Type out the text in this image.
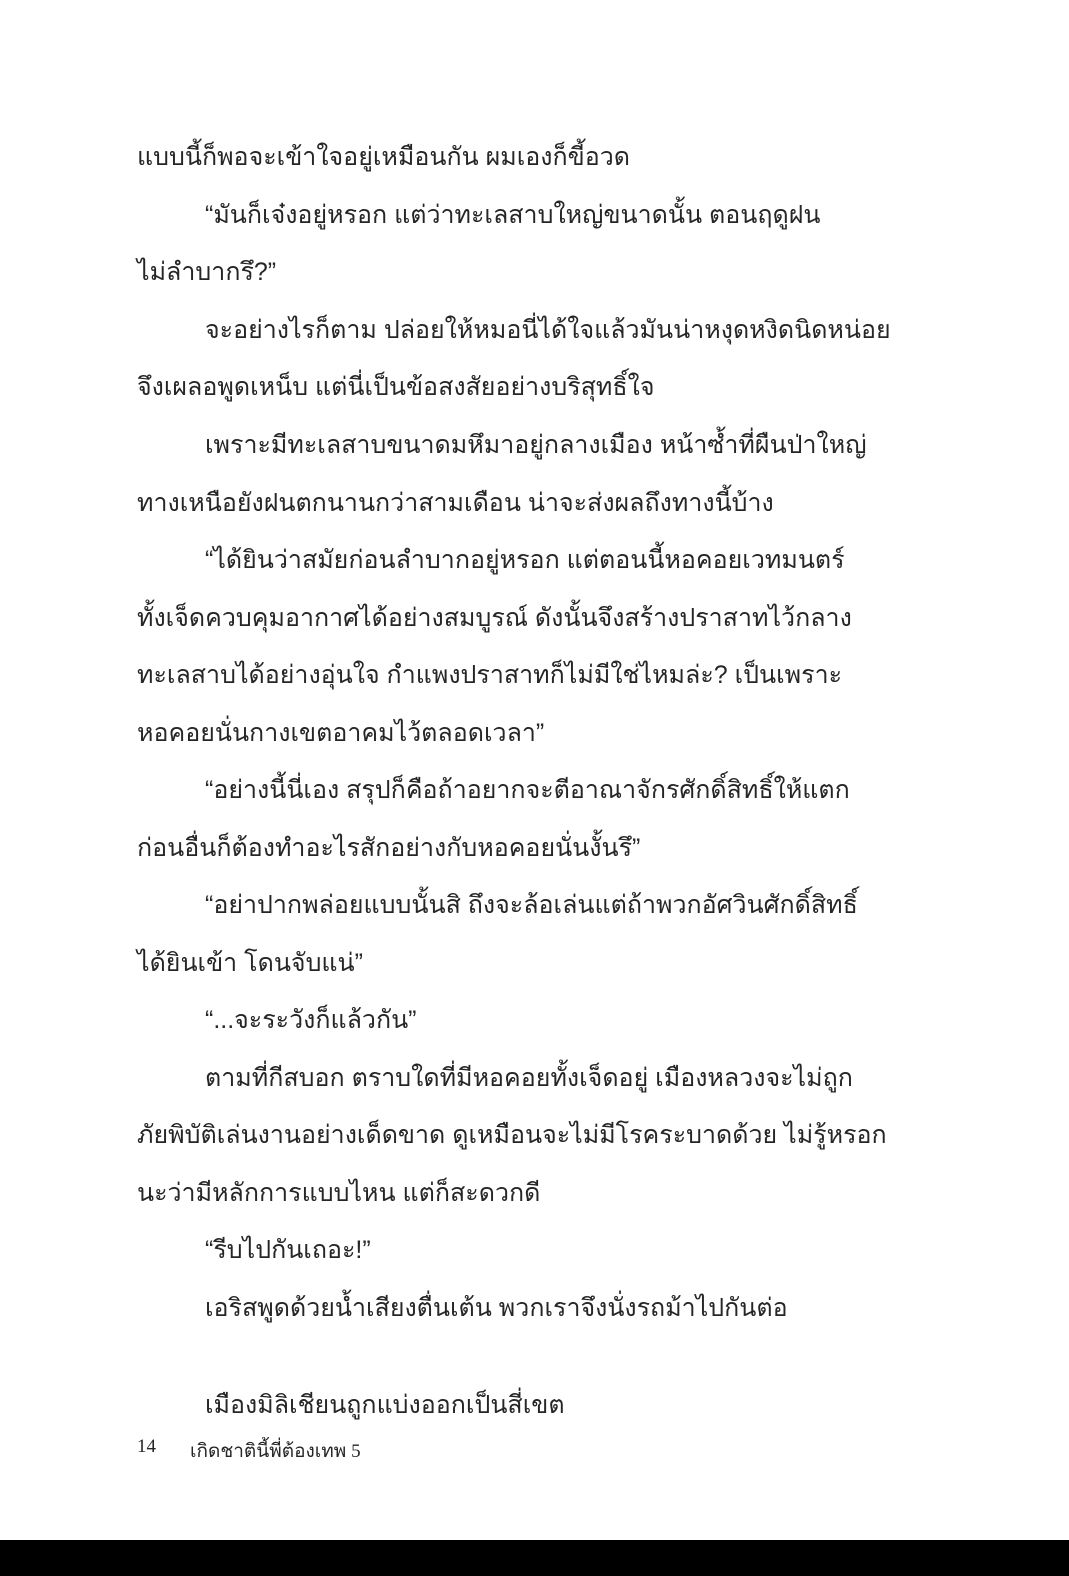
แบบนี้ก็พอจะเข้าใจอยู่เหมือนกัน ผมเองก็ขี้อวด
“มันก็เจ๋งอยู่หรอก แต่ว่าทะเลสาบใหญ่ขนาดนั้น ตอนฤดูฝน
ไม่ลำบากรึ?”
จะอย่างไรก็ตาม ปล่อยให้หมอนี่ได้ใจแล้วมันน่าหงุดหงิดนิดหน่อย
จึงเผลอพูดเหน็บ แต่นี่เป็นข้อสงสัยอย่างบริสุทธิ์ใจ
เพราะมีทะเลสาบขนาดมหึมาอยู่กลางเมือง หน้าซ้ำที่ผืนป่าใหญ่
ทางเหนือยังฝนตกนานกว่าสามเดือน น่าจะส่งผลถึงทางนี้บ้าง
“ได้ยินว่าสมัยก่อนลำบากอยู่หรอก แต่ตอนนี้หอคอยเวทมนตร์
ทั้งเจ็ดควบคุมอากาศได้อย่างสมบูรณ์ ดังนั้นจึงสร้างปราสาทไว้กลาง
ทะเลสาบได้อย่างอุ่นใจ กำแพงปราสาทก็ไม่มีใช่ไหมล่ะ? เป็นเพราะ
หอคอยนั่นกางเขตอาคมไว้ตลอดเวลา”
“อย่างนี้นี่เอง สรุปก็คือถ้าอยากจะตีอาณาจักรศักดิ์สิทธิ์ให้แตก
ก่อนอื่นก็ต้องทำอะไรสักอย่างกับหอคอยนั่นงั้นรึ”
“อย่าปากพล่อยแบบนั้นสิ ถึงจะล้อเล่นแต่ถ้าพวกอัศวินศักดิ์สิทธิ์
ได้ยินเข้า โดนจับแน่”
“...จะระวังก็แล้วกัน”
ตามที่กีสบอก ตราบใดที่มีหอคอยทั้งเจ็ดอยู่ เมืองหลวงจะไม่ถูก
ภัยพิบัติเล่นงานอย่างเด็ดขาด ดูเหมือนจะไม่มีโรคระบาดด้วย ไม่รู้หรอก
นะว่ามีหลักการแบบไหน แต่ก็สะดวกดี
“รีบไปกันเถอะ!”
เอริสพูดด้วยน้ำเสียงตื่นเต้น พวกเราจึงนั่งรถม้าไปกันต่อ
เมืองมิลิเชียนถูกแบ่งออกเป็นสี่เขต
14 เกิดชาตินี้พี่ต้องเทพ 5
